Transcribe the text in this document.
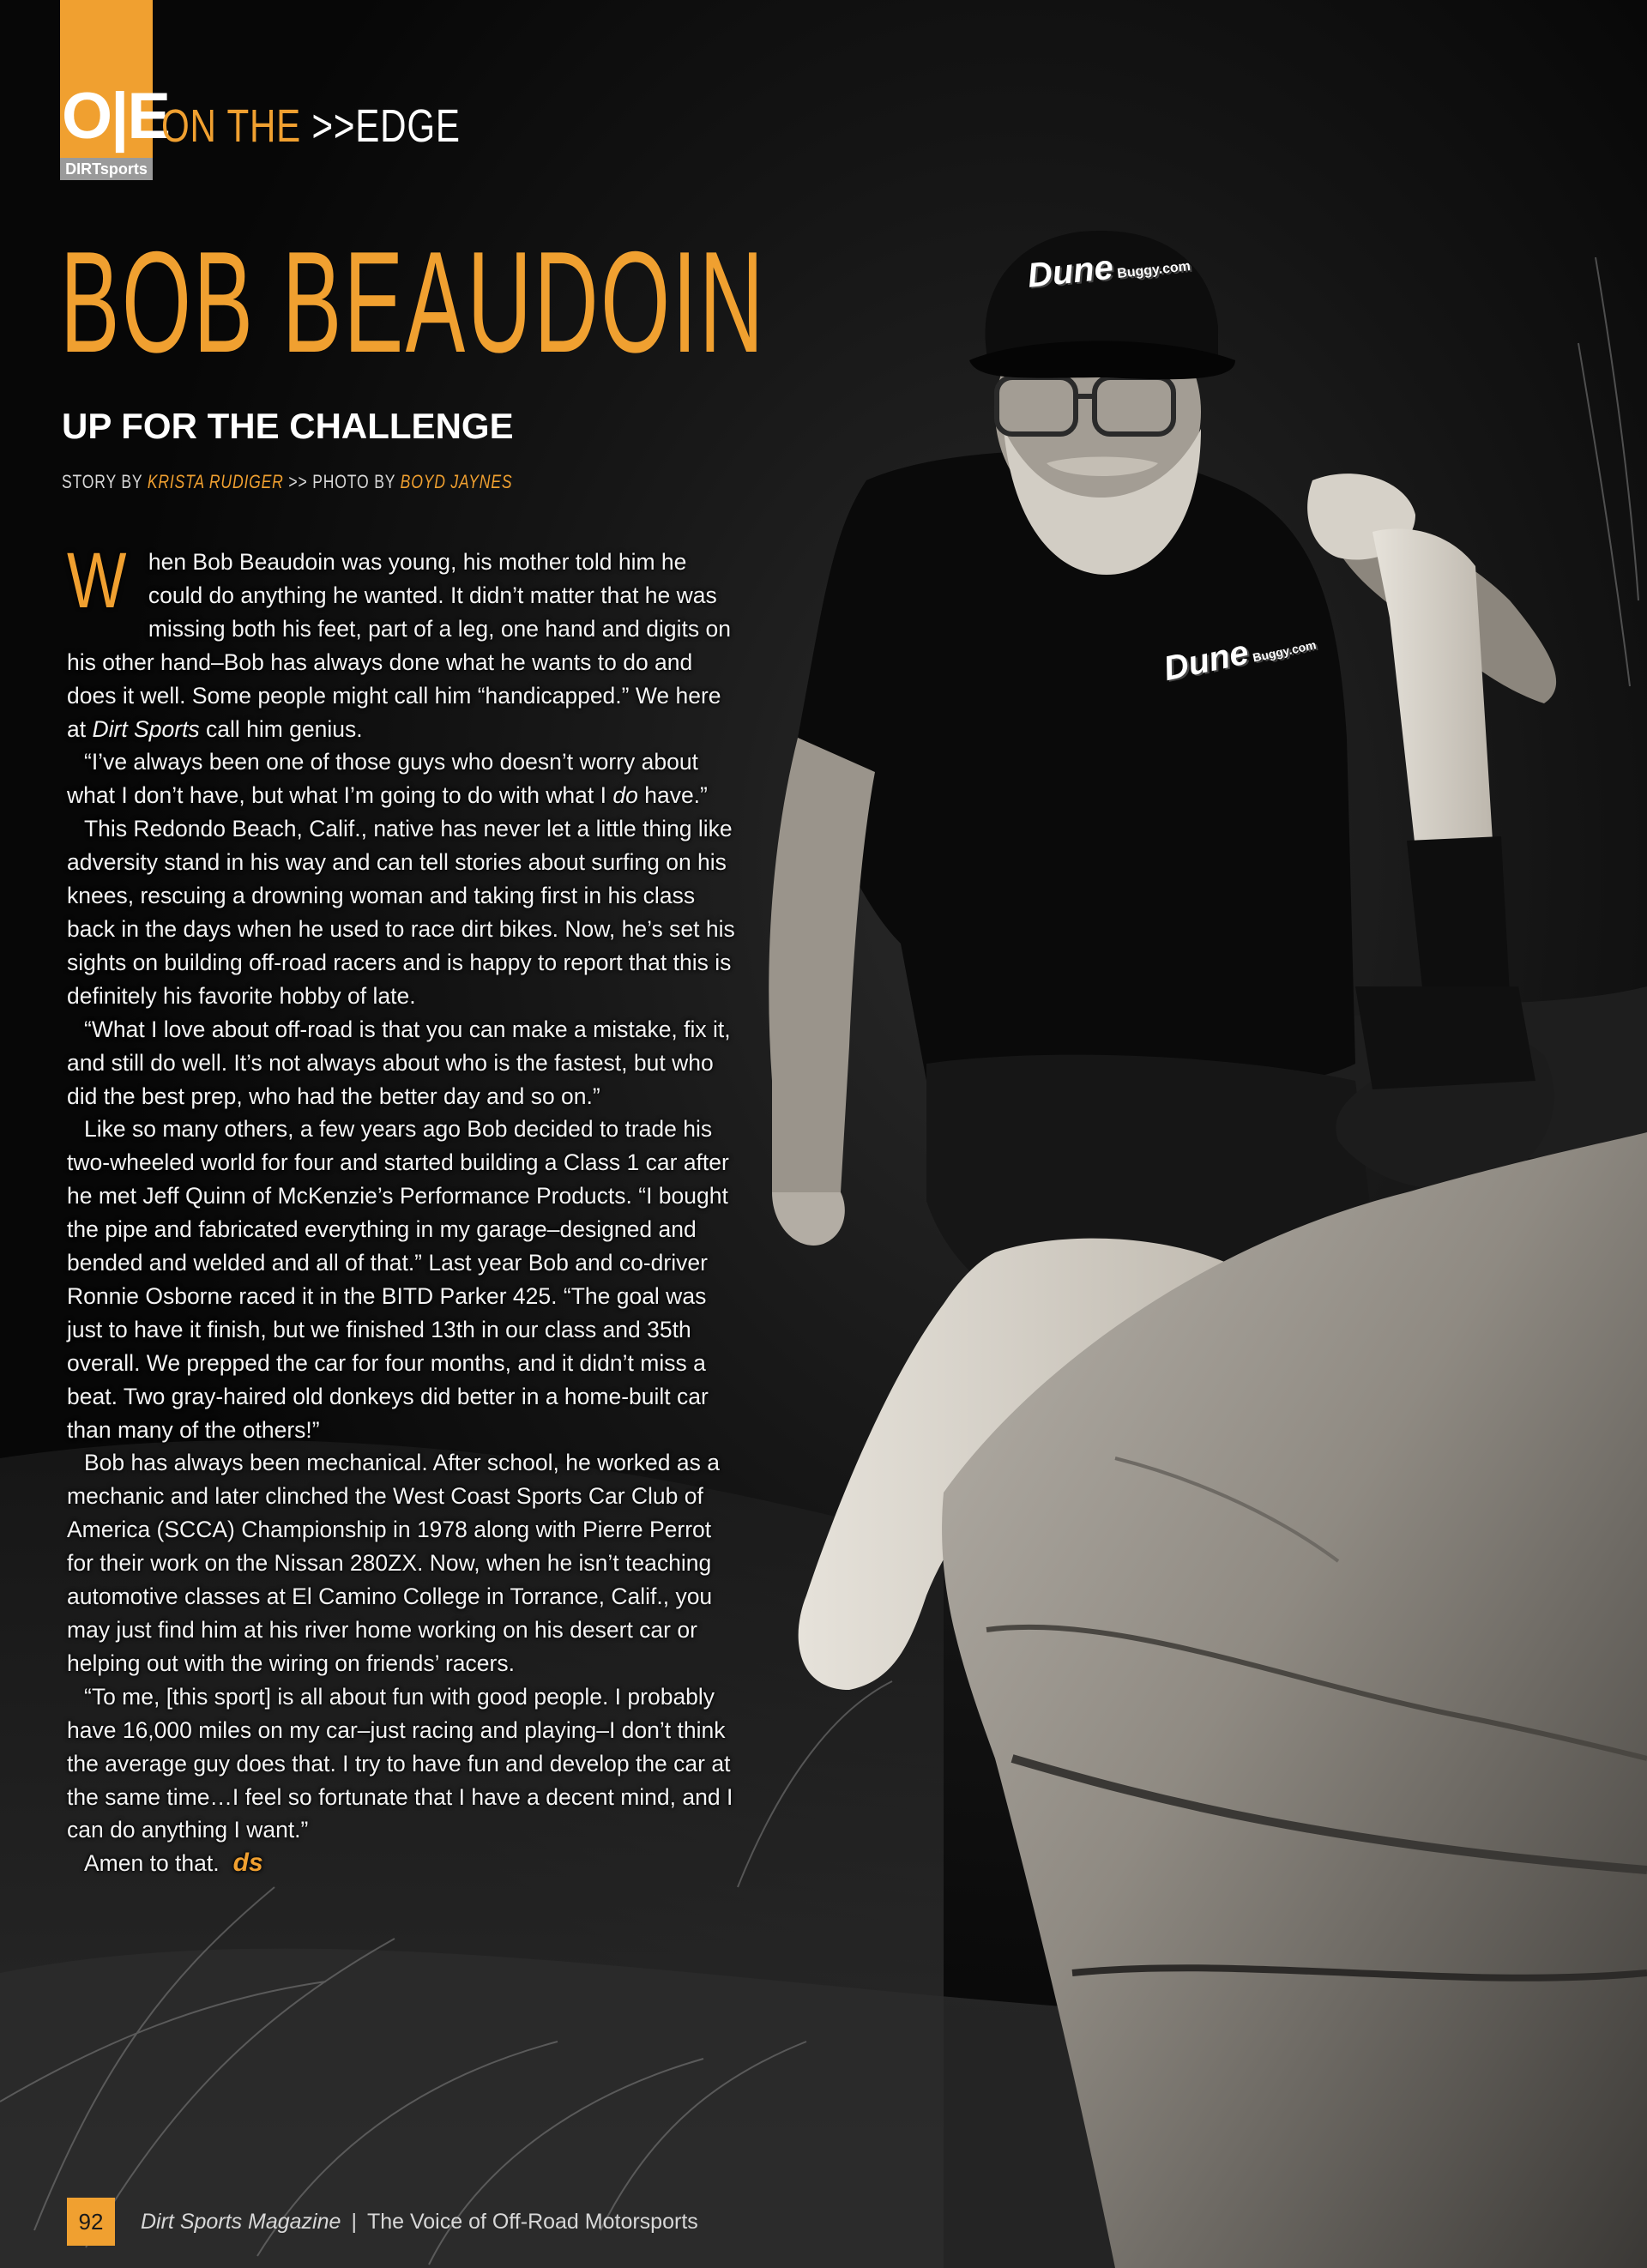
Dune Buggy.com
DuneBuggy.com
O|E
DIRTsports
ON THE >>EDGE
BOB BEAUDOIN
UP FOR THE CHALLENGE
STORY BY KRISTA RUDIGER >> PHOTO BY BOYD JAYNES

When Bob Beaudoin was young, his mother told him he could do anything he wanted. It didn’t matter that he was missing both his feet, part of a leg, one hand and digits on his other hand–Bob has always done what he wants to do and does it well. Some people might call him “handicapped.” We here at Dirt Sports call him genius.

“I’ve always been one of those guys who doesn’t worry about what I don’t have, but what I’m going to do with what I do have.”

This Redondo Beach, Calif., native has never let a little thing like adversity stand in his way and can tell stories about surfing on his knees, rescuing a drowning woman and taking first in his class back in the days when he used to race dirt bikes. Now, he’s set his sights on building off-road racers and is happy to report that this is definitely his favorite hobby of late.

“What I love about off-road is that you can make a mistake, fix it, and still do well. It’s not always about who is the fastest, but who did the best prep, who had the better day and so on.”

Like so many others, a few years ago Bob decided to trade his two-wheeled world for four and started building a Class 1 car after he met Jeff Quinn of McKenzie’s Performance Products. “I bought the pipe and fabricated everything in my garage–designed and bended and welded and all of that.” Last year Bob and co-driver Ronnie Osborne raced it in the BITD Parker 425. “The goal was just to have it finish, but we finished 13th in our class and 35th overall. We prepped the car for four months, and it didn’t miss a beat. Two gray-haired old donkeys did better in a home-built car than many of the others!”

Bob has always been mechanical. After school, he worked as a mechanic and later clinched the West Coast Sports Car Club of America (SCCA) Championship in 1978 along with Pierre Perrot for their work on the Nissan 280ZX. Now, when he isn’t teaching automotive classes at El Camino College in Torrance, Calif., you may just find him at his river home working on his desert car or helping out with the wiring on friends’ racers.

“To me, [this sport] is all about fun with good people. I probably have 16,000 miles on my car–just racing and playing–I don’t think the average guy does that. I try to have fun and develop the car at the same time…I feel so fortunate that I have a decent mind, and I can do anything I want.”

Amen to that. ds

92	Dirt Sports Magazine | The Voice of Off-Road Motorsports
